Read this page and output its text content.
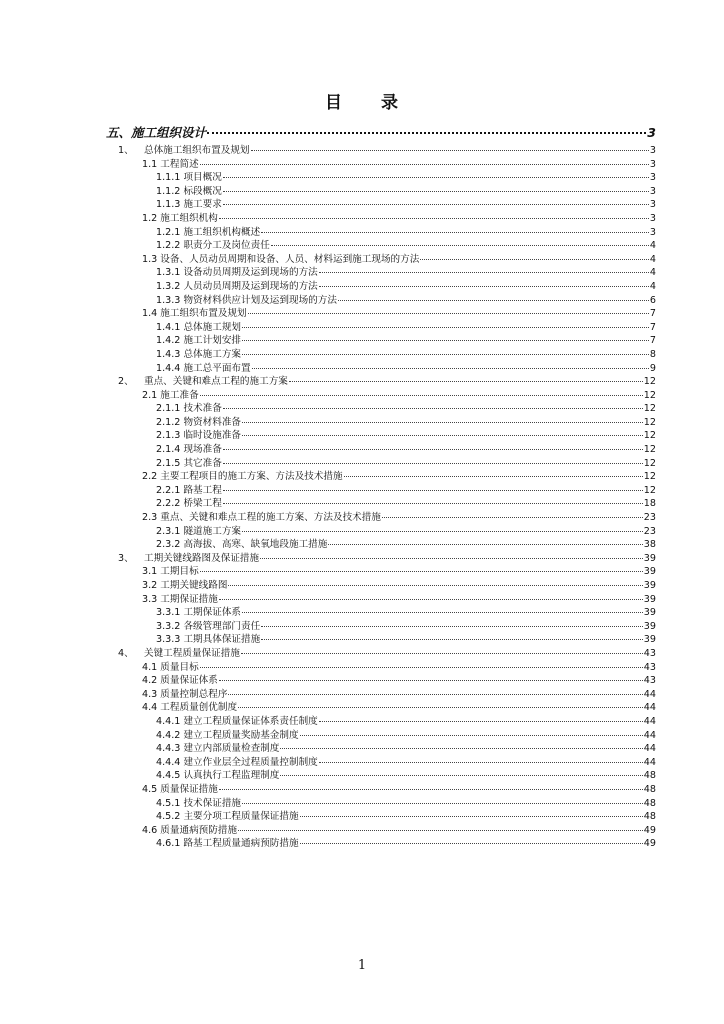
目 录
五、施工组织设计	3
1、 总体施工组织布置及规划	3
1.1 工程简述	3
1.1.1 项目概况	3
1.1.2 标段概况	3
1.1.3 施工要求	3
1.2 施工组织机构	3
1.2.1 施工组织机构概述	3
1.2.2 职责分工及岗位责任	4
1.3 设备、人员动员周期和设备、人员、材料运到施工现场的方法	4
1.3.1 设备动员周期及运到现场的方法	4
1.3.2 人员动员周期及运到现场的方法	4
1.3.3 物资材料供应计划及运到现场的方法	6
1.4 施工组织布置及规划	7
1.4.1 总体施工规划	7
1.4.2 施工计划安排	7
1.4.3 总体施工方案	8
1.4.4 施工总平面布置	9
2、 重点、关键和难点工程的施工方案	12
2.1 施工准备	12
2.1.1 技术准备	12
2.1.2 物资材料准备	12
2.1.3 临时设施准备	12
2.1.4 现场准备	12
2.1.5 其它准备	12
2.2 主要工程项目的施工方案、方法及技术措施	12
2.2.1 路基工程	12
2.2.2 桥梁工程	18
2.3 重点、关键和难点工程的施工方案、方法及技术措施	23
2.3.1 隧道施工方案	23
2.3.2 高海拔、高寒、缺氧地段施工措施	38
3、 工期关键线路图及保证措施	39
3.1 工期目标	39
3.2 工期关键线路图	39
3.3 工期保证措施	39
3.3.1 工期保证体系	39
3.3.2 各级管理部门责任	39
3.3.3 工期具体保证措施	39
4、 关键工程质量保证措施	43
4.1 质量目标	43
4.2 质量保证体系	43
4.3 质量控制总程序	44
4.4 工程质量创优制度	44
4.4.1 建立工程质量保证体系责任制度	44
4.4.2 建立工程质量奖励基金制度	44
4.4.3 建立内部质量检查制度	44
4.4.4 建立作业层全过程质量控制制度	44
4.4.5 认真执行工程监理制度	48
4.5 质量保证措施	48
4.5.1 技术保证措施	48
4.5.2 主要分项工程质量保证措施	48
4.6 质量通病预防措施	49
4.6.1 路基工程质量通病预防措施	49
1
